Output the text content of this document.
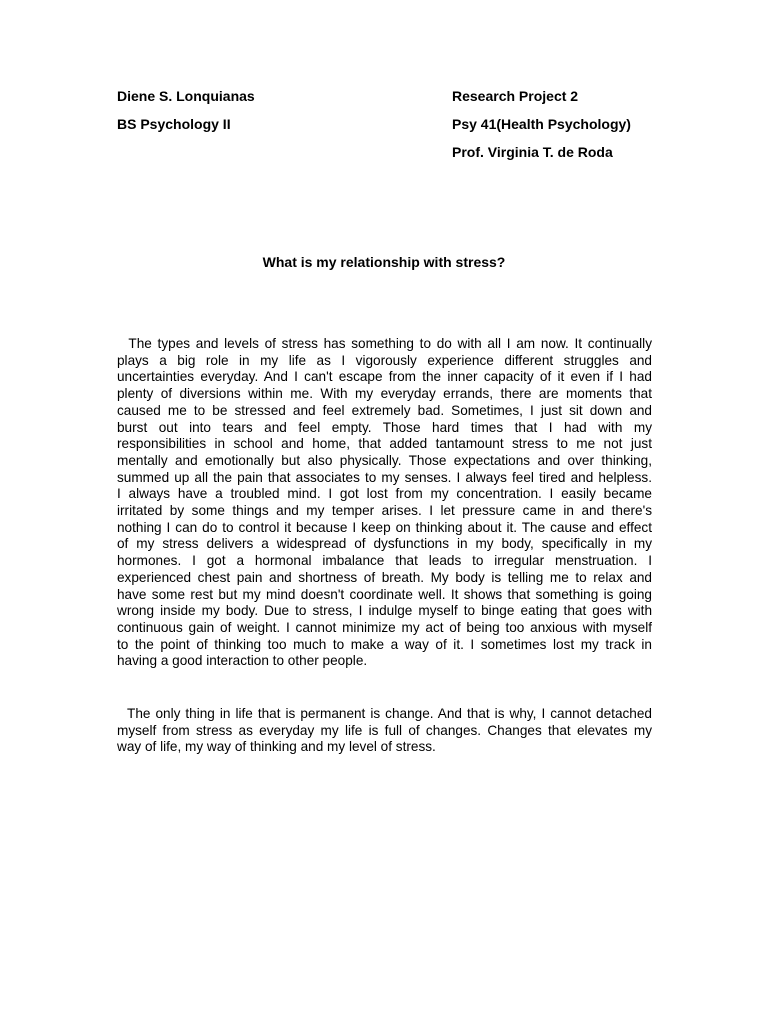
Diene S. Lonquianas
BS Psychology II
Research Project 2
Psy 41(Health Psychology)
Prof. Virginia T. de Roda
What is my relationship with stress?
The types and levels of stress has something to do with all I am now. It continually
plays a big role in my life as I vigorously experience different struggles and
uncertainties everyday. And I can't escape from the inner capacity of it even if I had
plenty of diversions within me. With my everyday errands, there are moments that
caused me to be stressed and feel extremely bad. Sometimes, I just sit down and
burst out into tears and feel empty. Those hard times that I had with my
responsibilities in school and home, that added tantamount stress to me not just
mentally and emotionally but also physically. Those expectations and over thinking,
summed up all the pain that associates to my senses. I always feel tired and helpless.
I always have a troubled mind. I got lost from my concentration. I easily became
irritated by some things and my temper arises. I let pressure came in and there's
nothing I can do to control it because I keep on thinking about it. The cause and effect
of my stress delivers a widespread of dysfunctions in my body, specifically in my
hormones. I got a hormonal imbalance that leads to irregular menstruation. I
experienced chest pain and shortness of breath. My body is telling me to relax and
have some rest but my mind doesn't coordinate well. It shows that something is going
wrong inside my body. Due to stress, I indulge myself to binge eating that goes with
continuous gain of weight. I cannot minimize my act of being too anxious with myself
to the point of thinking too much to make a way of it. I sometimes lost my track in
having a good interaction to other people.
The only thing in life that is permanent is change. And that is why, I cannot detached
myself from stress as everyday my life is full of changes. Changes that elevates my
way of life, my way of thinking and my level of stress.
